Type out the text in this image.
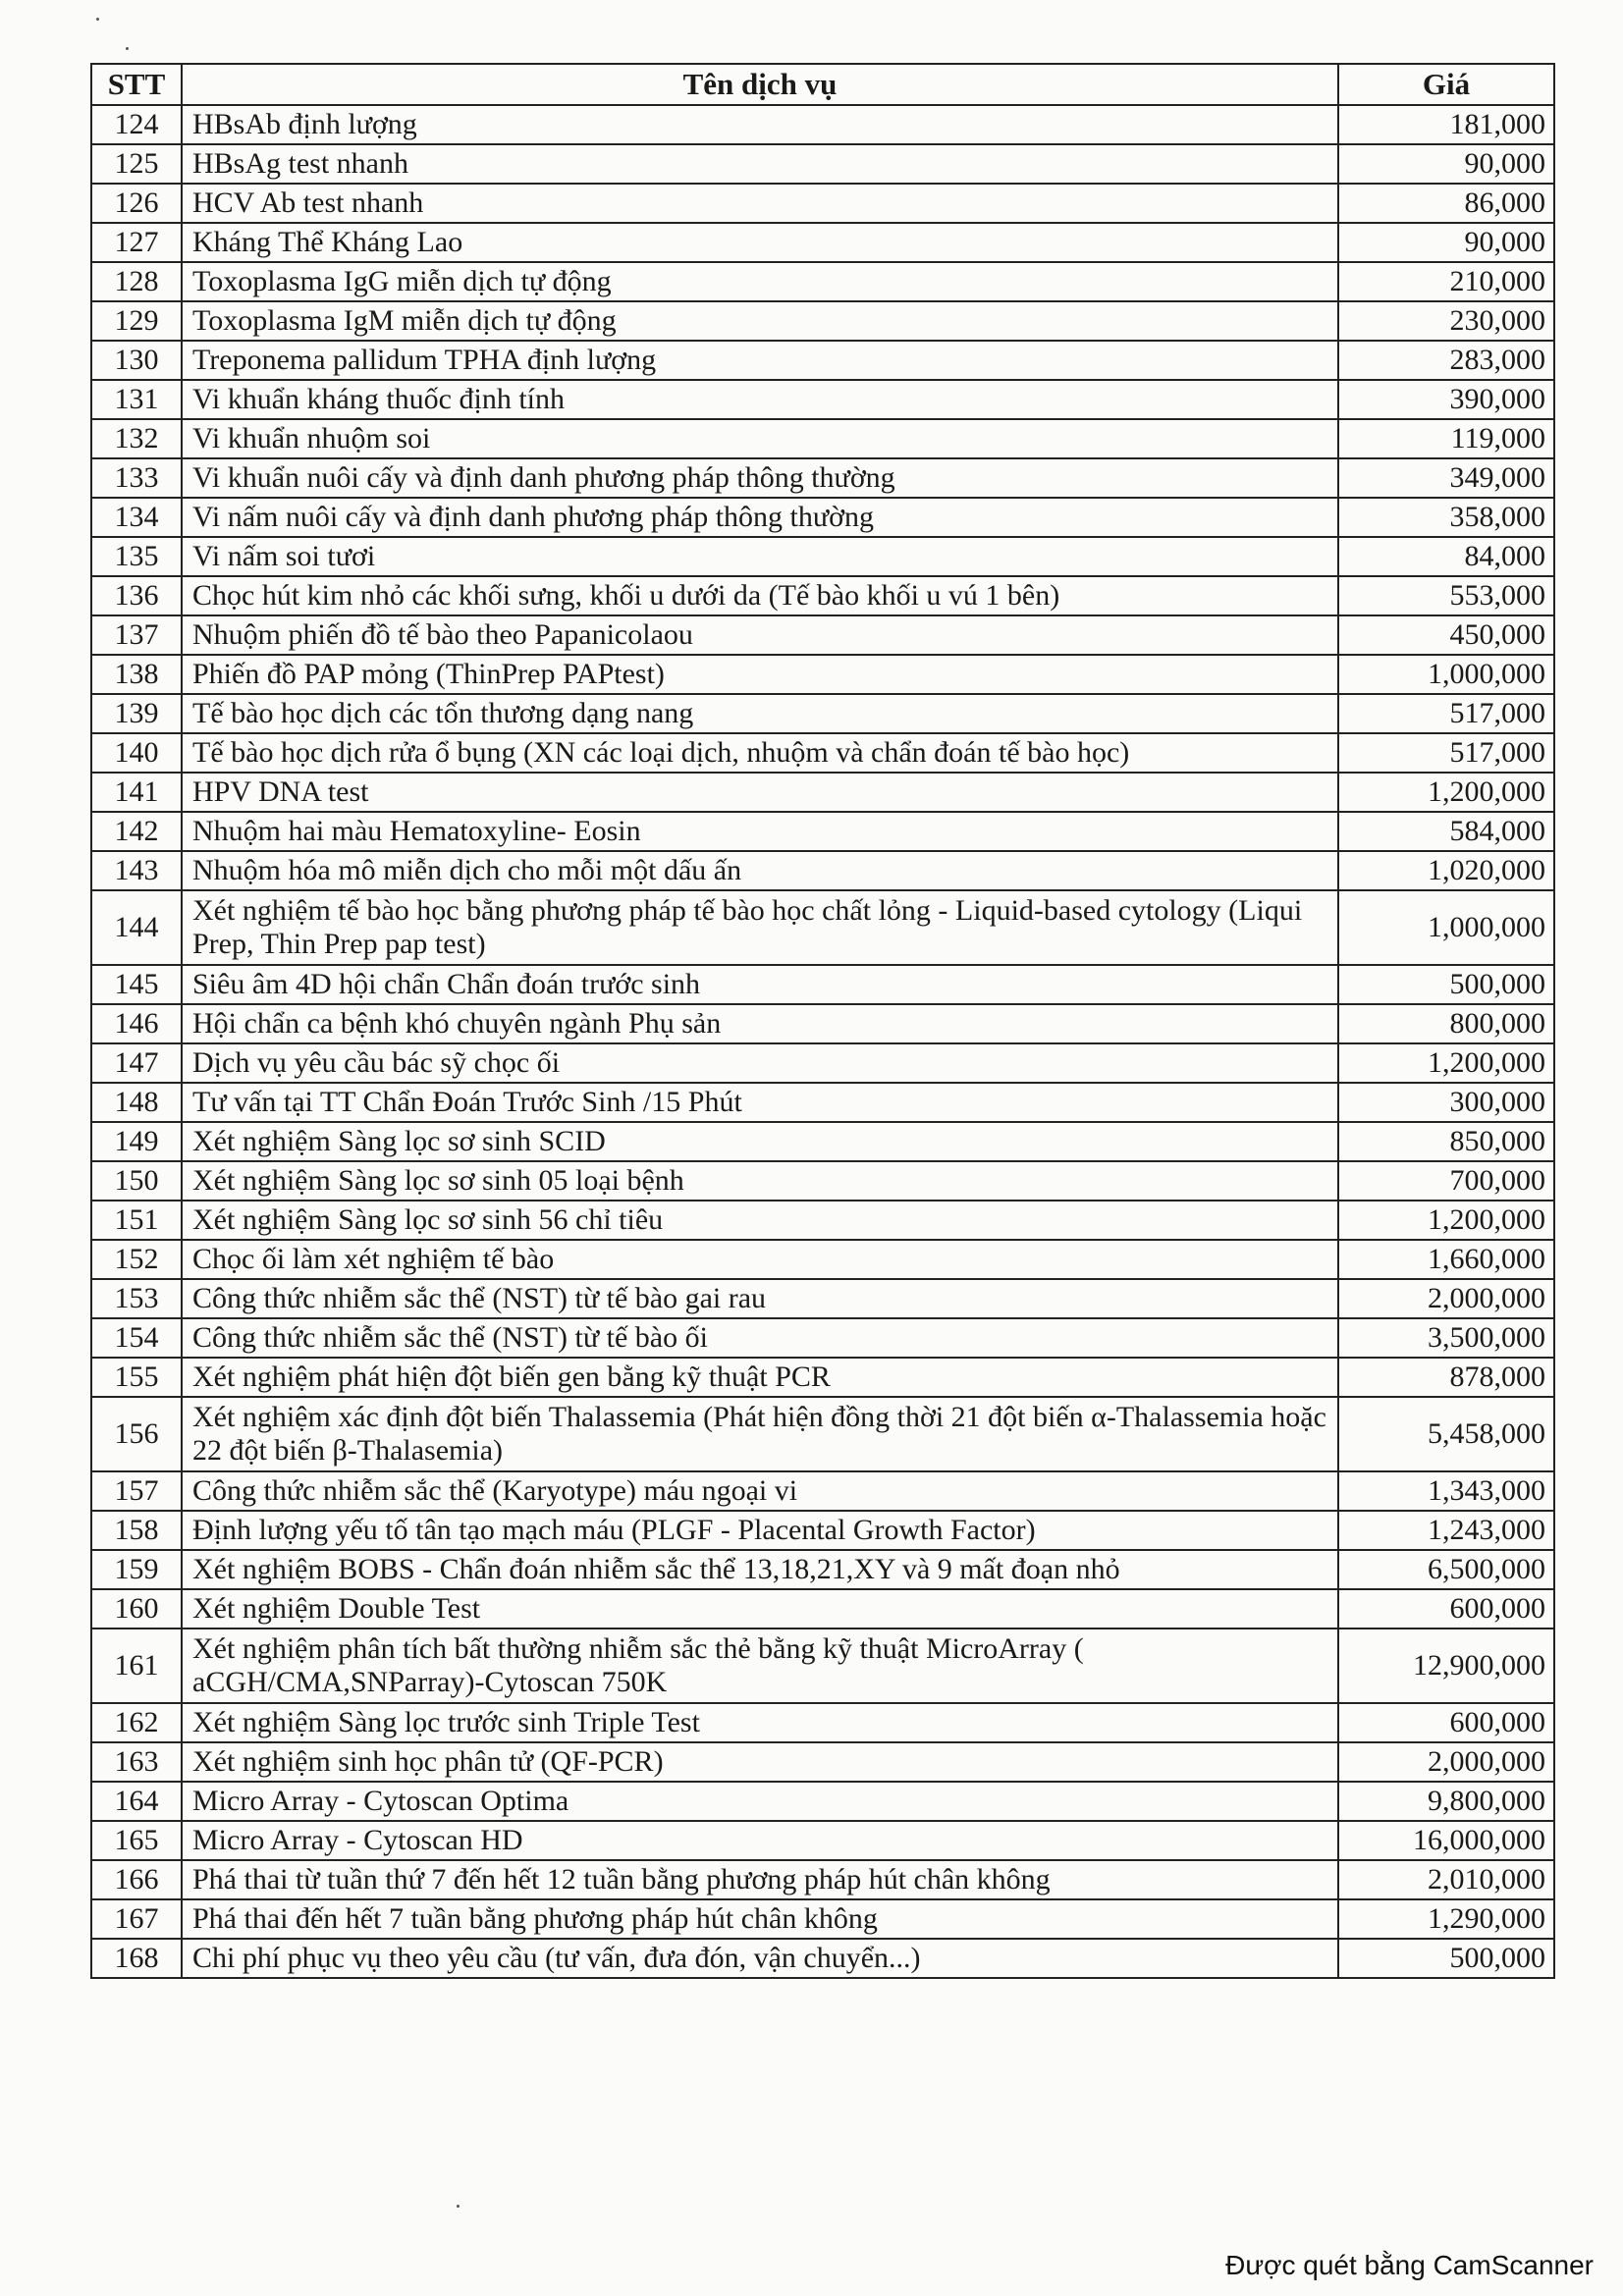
STT	Tên dịch vụ	Giá
124	HBsAb định lượng	181,000
125	HBsAg test nhanh	90,000
126	HCV Ab test nhanh	86,000
127	Kháng Thể Kháng Lao	90,000
128	Toxoplasma IgG miễn dịch tự động	210,000
129	Toxoplasma IgM miễn dịch tự động	230,000
130	Treponema pallidum TPHA định lượng	283,000
131	Vi khuẩn kháng thuốc định tính	390,000
132	Vi khuẩn nhuộm soi	119,000
133	Vi khuẩn nuôi cấy và định danh phương pháp thông thường	349,000
134	Vi nấm nuôi cấy và định danh phương pháp thông thường	358,000
135	Vi nấm soi tươi	84,000
136	Chọc hút kim nhỏ các khối sưng, khối u dưới da (Tế bào khối u vú 1 bên)	553,000
137	Nhuộm phiến đồ tế bào theo Papanicolaou	450,000
138	Phiến đồ PAP mỏng (ThinPrep PAPtest)	1,000,000
139	Tế bào học dịch các tổn thương dạng nang	517,000
140	Tế bào học dịch rửa ổ bụng (XN các loại dịch, nhuộm và chẩn đoán tế bào học)	517,000
141	HPV DNA test	1,200,000
142	Nhuộm hai màu Hematoxyline- Eosin	584,000
143	Nhuộm hóa mô miễn dịch cho mỗi một dấu ấn	1,020,000
144	Xét nghiệm tế bào học bằng phương pháp tế bào học chất lỏng - Liquid-based cytology (Liqui Prep, Thin Prep pap test)	1,000,000
145	Siêu âm 4D hội chẩn Chẩn đoán trước sinh	500,000
146	Hội chẩn ca bệnh khó chuyên ngành Phụ sản	800,000
147	Dịch vụ yêu cầu bác sỹ chọc ối	1,200,000
148	Tư vấn tại TT Chẩn Đoán Trước Sinh /15 Phút	300,000
149	Xét nghiệm Sàng lọc sơ sinh SCID	850,000
150	Xét nghiệm Sàng lọc sơ sinh 05 loại bệnh	700,000
151	Xét nghiệm Sàng lọc sơ sinh 56 chỉ tiêu	1,200,000
152	Chọc ối làm xét nghiệm tế bào	1,660,000
153	Công thức nhiễm sắc thể (NST) từ tế bào gai rau	2,000,000
154	Công thức nhiễm sắc thể (NST) từ tế bào ối	3,500,000
155	Xét nghiệm phát hiện đột biến gen bằng kỹ thuật PCR	878,000
156	Xét nghiệm xác định đột biến Thalassemia (Phát hiện đồng thời 21 đột biến α-Thalassemia hoặc 22 đột biến β-Thalasemia)	5,458,000
157	Công thức nhiễm sắc thể (Karyotype) máu ngoại vi	1,343,000
158	Định lượng yếu tố tân tạo mạch máu (PLGF - Placental Growth Factor)	1,243,000
159	Xét nghiệm BOBS - Chẩn đoán nhiễm sắc thể 13,18,21,XY và 9 mất đoạn nhỏ	6,500,000
160	Xét nghiệm Double Test	600,000
161	Xét nghiệm phân tích bất thường nhiễm sắc thẻ bằng kỹ thuật MicroArray ( aCGH/CMA,SNParray)-Cytoscan 750K	12,900,000
162	Xét nghiệm Sàng lọc trước sinh Triple Test	600,000
163	Xét nghiệm sinh học phân tử (QF-PCR)	2,000,000
164	Micro Array - Cytoscan Optima	9,800,000
165	Micro Array - Cytoscan HD	16,000,000
166	Phá thai từ tuần thứ 7 đến hết 12 tuần bằng phương pháp hút chân không	2,010,000
167	Phá thai đến hết 7 tuần bằng phương pháp hút chân không	1,290,000
168	Chi phí phục vụ theo yêu cầu (tư vấn, đưa đón, vận chuyển...)	500,000
Được quét bằng CamScanner
